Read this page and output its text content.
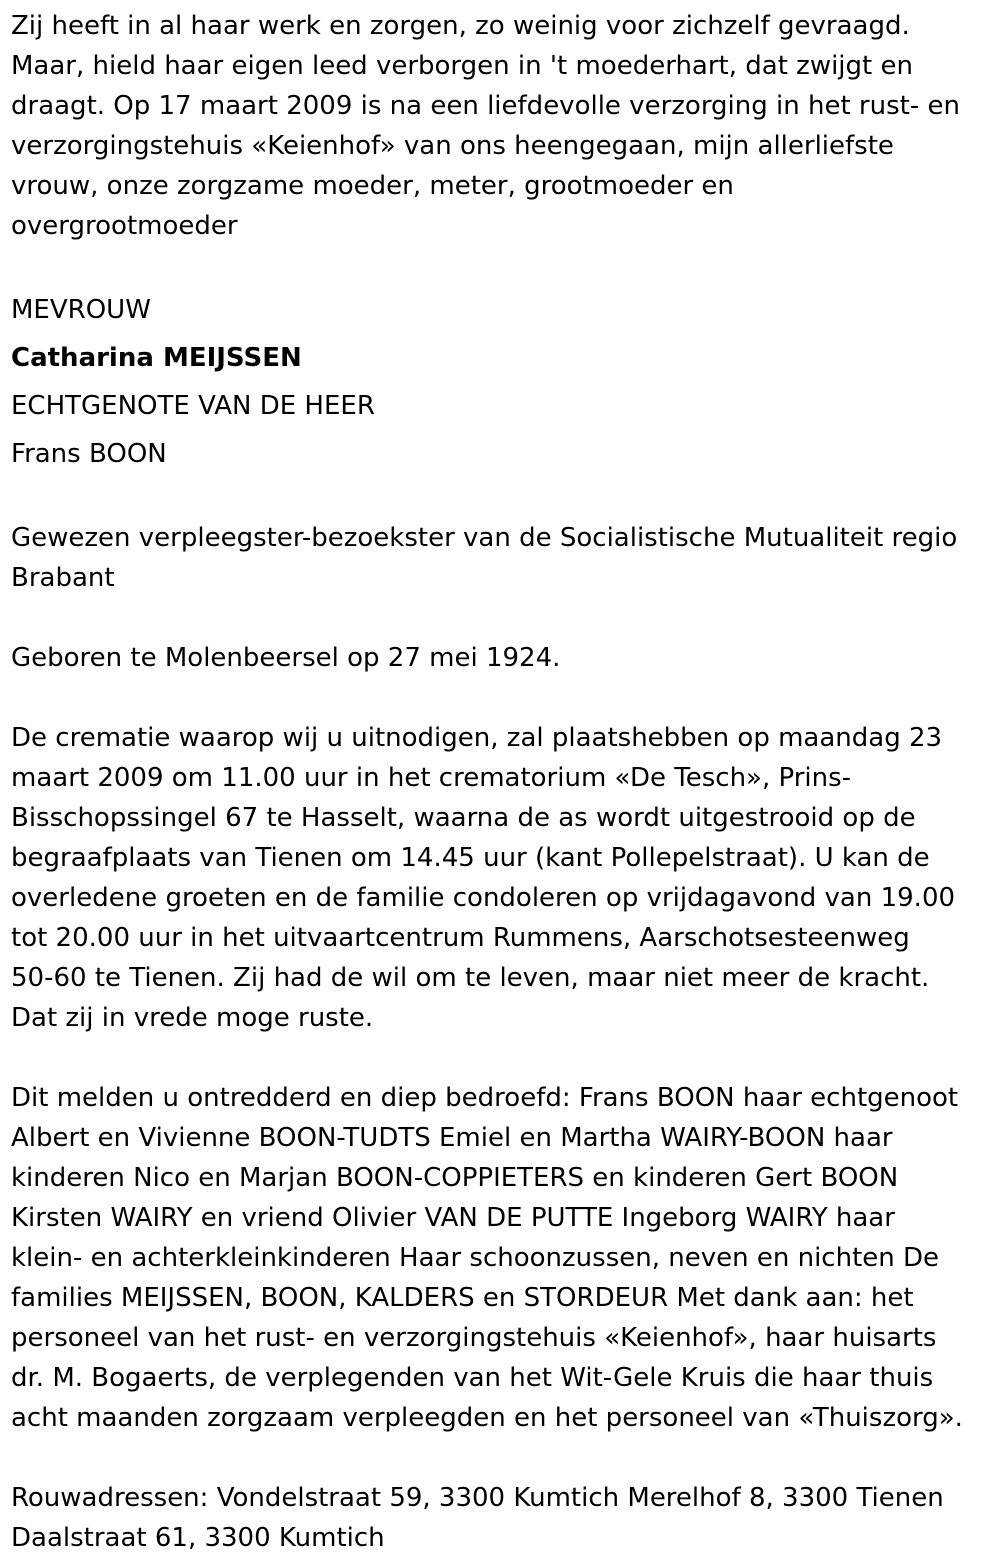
Zij heeft in al haar werk en zorgen, zo weinig voor zichzelf gevraagd.
Maar, hield haar eigen leed verborgen in 't moederhart, dat zwijgt en
draagt. Op 17 maart 2009 is na een liefdevolle verzorging in het rust- en
verzorgingstehuis «Keienhof» van ons heengegaan, mijn allerliefste
vrouw, onze zorgzame moeder, meter, grootmoeder en
overgrootmoeder

MEVROUW

Catharina MEIJSSEN

ECHTGENOTE VAN DE HEER

Frans BOON

Gewezen verpleegster-bezoekster van de Socialistische Mutualiteit regio
Brabant

Geboren te Molenbeersel op 27 mei 1924.

De crematie waarop wij u uitnodigen, zal plaatshebben op maandag 23
maart 2009 om 11.00 uur in het crematorium «De Tesch», Prins-
Bisschopssingel 67 te Hasselt, waarna de as wordt uitgestrooid op de
begraafplaats van Tienen om 14.45 uur (kant Pollepelstraat). U kan de
overledene groeten en de familie condoleren op vrijdagavond van 19.00
tot 20.00 uur in het uitvaartcentrum Rummens, Aarschotsesteenweg
50-60 te Tienen. Zij had de wil om te leven, maar niet meer de kracht.
Dat zij in vrede moge ruste.

Dit melden u ontredderd en diep bedroefd: Frans BOON haar echtgenoot
Albert en Vivienne BOON-TUDTS Emiel en Martha WAIRY-BOON haar
kinderen Nico en Marjan BOON-COPPIETERS en kinderen Gert BOON
Kirsten WAIRY en vriend Olivier VAN DE PUTTE Ingeborg WAIRY haar
klein- en achterkleinkinderen Haar schoonzussen, neven en nichten De
families MEIJSSEN, BOON, KALDERS en STORDEUR Met dank aan: het
personeel van het rust- en verzorgingstehuis «Keienhof», haar huisarts
dr. M. Bogaerts, de verplegenden van het Wit-Gele Kruis die haar thuis
acht maanden zorgzaam verpleegden en het personeel van «Thuiszorg».

Rouwadressen: Vondelstraat 59, 3300 Kumtich Merelhof 8, 3300 Tienen
Daalstraat 61, 3300 Kumtich
